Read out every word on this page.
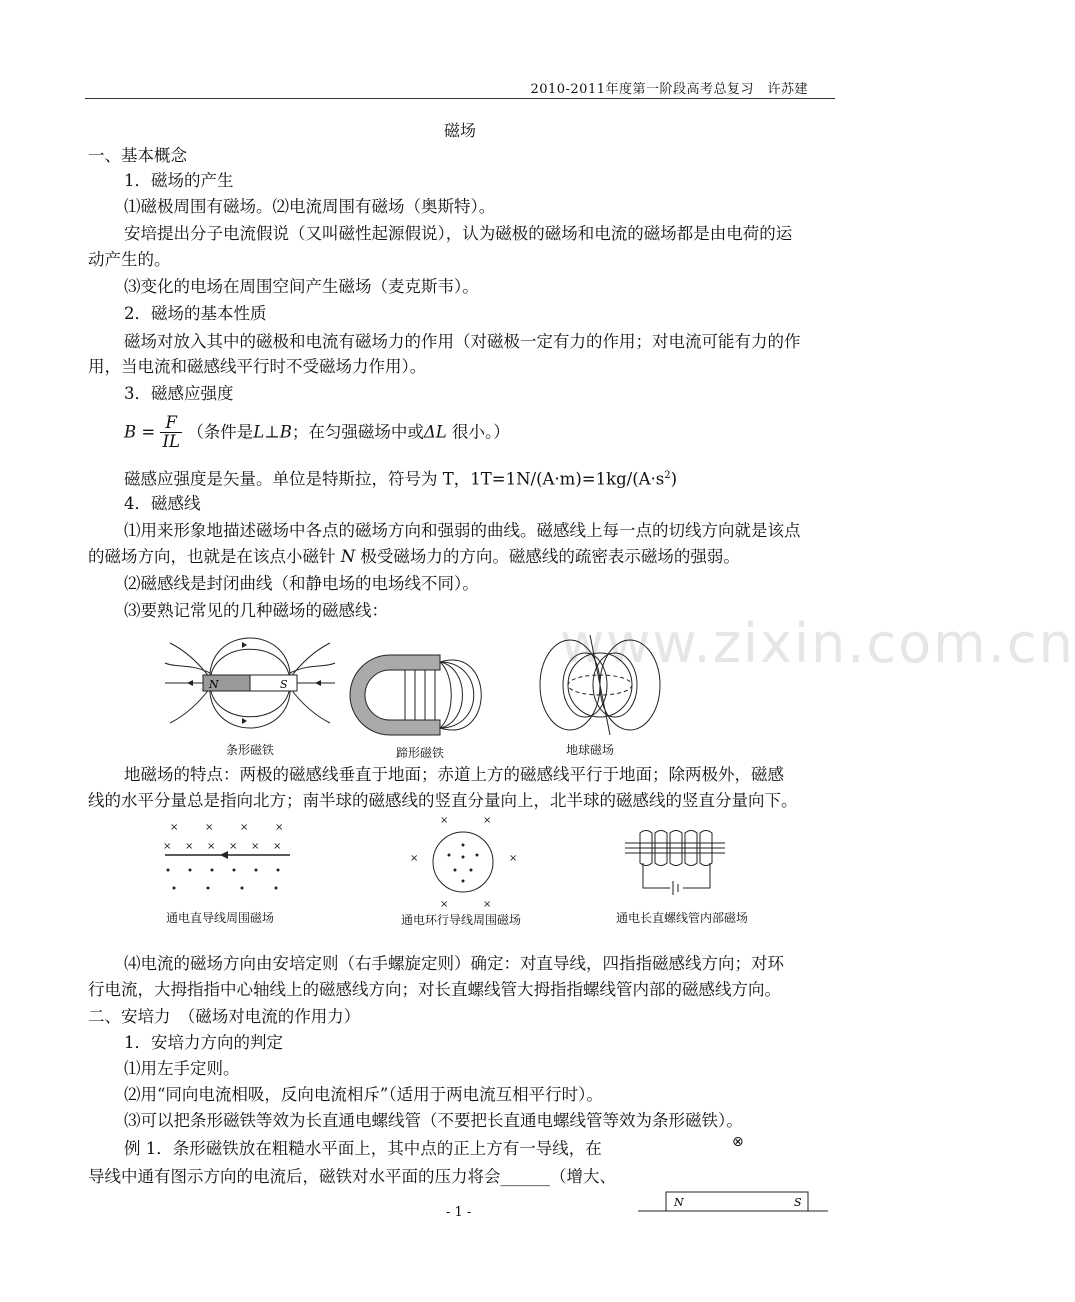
www.zixin.com.cn
2010-2011年度第一阶段高考总复习　许苏建
磁场
一、基本概念
1．磁场的产生
⑴磁极周围有磁场。⑵电流周围有磁场（奥斯特）。
安培提出分子电流假说（又叫磁性起源假说），认为磁极的磁场和电流的磁场都是由电荷的运
动产生的。
⑶变化的电场在周围空间产生磁场（麦克斯韦）。
2．磁场的基本性质
磁场对放入其中的磁极和电流有磁场力的作用（对磁极一定有力的作用；对电流可能有力的作
用，当电流和磁感线平行时不受磁场力作用）。
3．磁感应强度
$B = \frac{F}{IL}$ （条件是L⊥B；在匀强磁场中或ΔL 很小。）
磁感应强度是矢量。单位是特斯拉，符号为 T，$1T=1N/(A\cdot m)=1kg/(A\cdot s^2)$
4．磁感线
⑴用来形象地描述磁场中各点的磁场方向和强弱的曲线。磁感线上每一点的切线方向就是该点
的磁场方向，也就是在该点小磁针 N 极受磁场力的方向。磁感线的疏密表示磁场的强弱。
⑵磁感线是封闭曲线（和静电场的电场线不同）。
⑶要熟记常见的几种磁场的磁感线：
N	S
条形磁铁	蹄形磁铁	地球磁场
地磁场的特点：两极的磁感线垂直于地面；赤道上方的磁感线平行于地面；除两极外，磁感
线的水平分量总是指向北方；南半球的磁感线的竖直分量向上，北半球的磁感线的竖直分量向下。
×	×	×	×
× × × × × ×
通电直导线周围磁场
×	×
×	×
×	×
通电环行导线周围磁场	通电长直螺线管内部磁场
⑷电流的磁场方向由安培定则（右手螺旋定则）确定：对直导线，四指指磁感线方向；对环
行电流，大拇指指中心轴线上的磁感线方向；对长直螺线管大拇指指螺线管内部的磁感线方向。
二、安培力　（磁场对电流的作用力）
1．安培力方向的判定
⑴用左手定则。
⑵用“同向电流相吸，反向电流相斥”（适用于两电流互相平行时）。
⑶可以把条形磁铁等效为长直通电螺线管（不要把长直通电螺线管等效为条形磁铁）。
例 1．条形磁铁放在粗糙水平面上，其中点的正上方有一导线，在
导线中通有图示方向的电流后，磁铁对水平面的压力将会______（增大、
⊗
N	S
- 1 -
